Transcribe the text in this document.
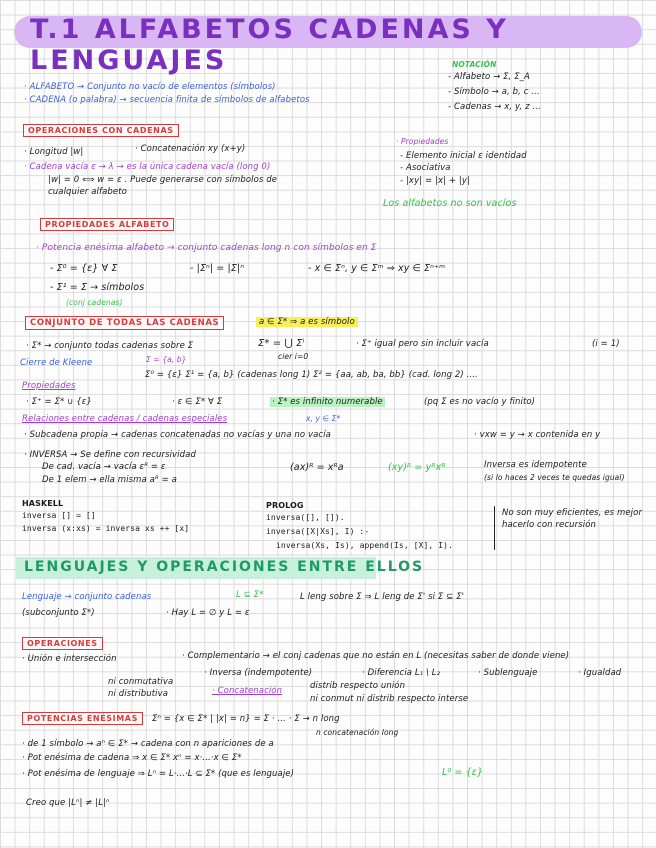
T.1 ALFABETOS CADENAS Y LENGUAJES
· ALFABETO → Conjunto no vacío de elementos (símbolos)
· CADENA (o palabra) → secuencia finita de símbolos de alfabetos
NOTACIÓN
- Alfabeto → Σ, Σ_A
- Símbolo → a, b, c ...
- Cadenas → x, y, z ...
OPERACIONES CON CADENAS
· Longitud |w|	· Concatenación xy (x+y)
· Cadena vacía ε → λ → es la única cadena vacía (long 0)
|w| = 0 ⟺ w = ε . Puede generarse con símbolos de
cualquier alfabeto
· Propiedades
- Elemento inicial ε identidad
- Asociativa
- |xy| = |x| + |y|
Los alfabetos no son vacíos
PROPIEDADES ALFABETO
· Potencia enésima alfabeto → conjunto cadenas long n con símbolos en Σ
- Σ⁰ = {ε} ∀ Σ	- |Σⁿ| = |Σ|ⁿ	- x ∈ Σⁿ, y ∈ Σᵐ ⇒ xy ∈ Σⁿ⁺ᵐ
- Σ¹ = Σ → símbolos
(conj cadenas)
CONJUNTO DE TODAS LAS CADENAS	a ∈ Σ* ⇒ a es símbolo
· Σ* → conjunto todas cadenas sobre Σ	Σ* = ⋃ Σⁱ
cier i=0
· Σ⁺ igual pero sin incluir vacía	(i = 1)
Cierre de Kleene	Σ = {a, b}
Σ⁰ = {ε} Σ¹ = {a, b} (cadenas long 1) Σ² = {aa, ab, ba, bb} (cad. long 2) ....
Propiedades
· Σ⁺ = Σ* ∪ {ε}	· ε ∈ Σ* ∀ Σ	· Σ* es infinito numerable	(pq Σ es no vacío y finito)
Relaciones entre cadenas / cadenas especiales	x, y ∈ Σ*
· Subcadena propia → cadenas concatenadas no vacías y una no vacía	· vxw = y → x contenida en y
· INVERSA → Se define con recursividad
De cad. vacía → vacía εᴿ = ε
De 1 elem → ella misma aᴿ = a
(ax)ᴿ = xᴿa	(xy)ᴿ = yᴿxᴿ	Inversa es idempotente
(si lo haces 2 veces te quedas igual)
HASKELL
inversa [] = []
inversa (x:xs) = inversa xs ++ [x]
PROLOG
inversa([], []).
inversa([X|Xs], I) :-
inversa(Xs, Is), append(Is, [X], I).
No son muy eficientes, es mejor hacerlo con recursión
LENGUAJES Y OPERACIONES ENTRE ELLOS
Lenguaje → conjunto cadenas	L ⊆ Σ*	L leng sobre Σ ⇒ L leng de Σ' si Σ ⊆ Σ'
(subconjunto Σ*)	· Hay L = ∅ y L = ε
OPERACIONES
· Unión e intersección	· Complementario → el conj cadenas que no están en L (necesitas saber de donde viene)
· Inversa (indempotente)	· Diferencia L₁ \ L₂	· Sublenguaje	· Igualdad
ni conmutativa
ni distributiva	· Concatenación	distrib respecto unión
ni conmut ni distrib respecto interse
POTENCIAS ENÉSIMAS	Σⁿ = {x ∈ Σ* | |x| = n} = Σ · ... · Σ → n long
n concatenación long
· de 1 símbolo → aⁿ ∈ Σ* → cadena con n apariciones de a
· Pot enésima de cadena ⇒ x ∈ Σ* xⁿ = x·...·x ∈ Σ*
· Pot enésima de lenguaje ⇒ Lⁿ = L·...·L ⊆ Σ* (que es lenguaje)	L⁰ = {ε}
Creo que |Lⁿ| ≠ |L|ⁿ
